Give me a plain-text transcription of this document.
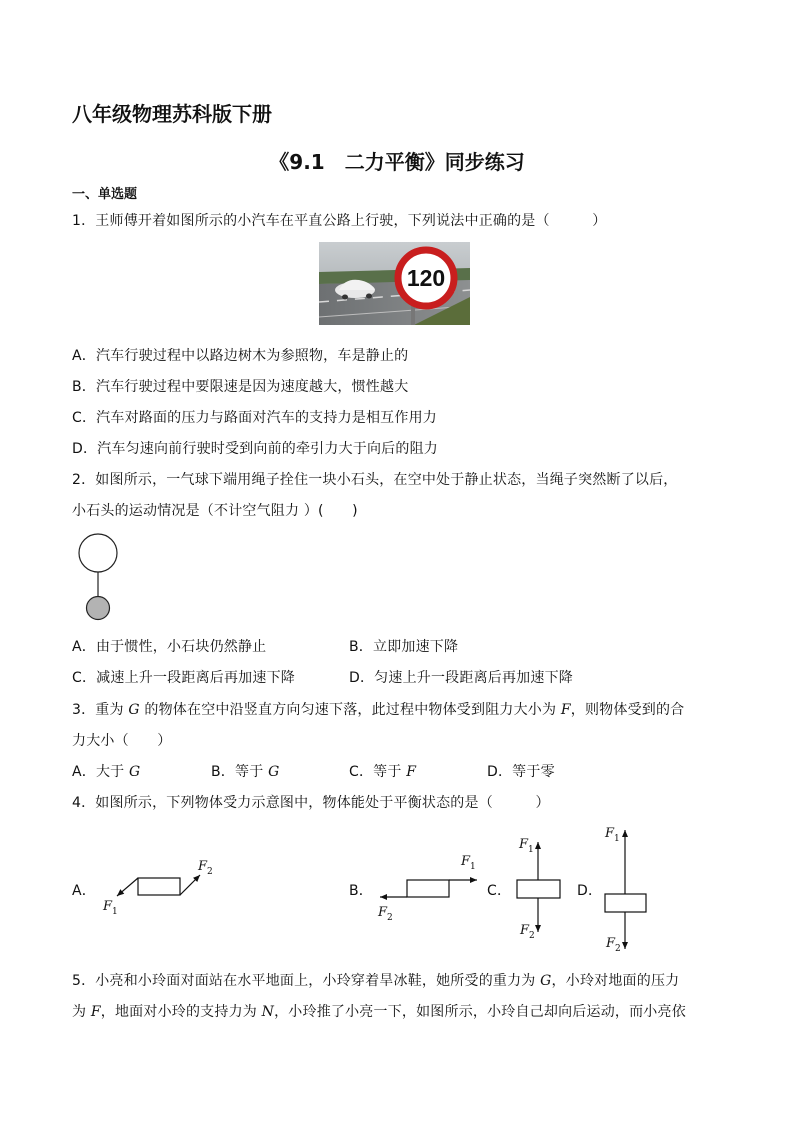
八年级物理苏科版下册
《9.1　二力平衡》同步练习
一、单选题
1．王师傅开着如图所示的小汽车在平直公路上行驶，下列说法中正确的是（　　　）
120
A．汽车行驶过程中以路边树木为参照物，车是静止的
B．汽车行驶过程中要限速是因为速度越大，惯性越大
C．汽车对路面的压力与路面对汽车的支持力是相互作用力
D．汽车匀速向前行驶时受到向前的牵引力大于向后的阻力
2．如图所示，一气球下端用绳子拴住一块小石头，在空中处于静止状态，当绳子突然断了以后，
小石头的运动情况是（不计空气阻力 ）(　　)
A．由于惯性，小石块仍然静止	B．立即加速下降
C．减速上升一段距离后再加速下降	D．匀速上升一段距离后再加速下降
3．重为 G 的物体在空中沿竖直方向匀速下落，此过程中物体受到阻力大小为 F，则物体受到的合
力大小（　　）
A．大于 G	B．等于 G	C．等于 F	D．等于零
4．如图所示，下列物体受力示意图中，物体能处于平衡状态的是（　　　）
A．	B．	C．	D．
$F_2$
$F_1$
$F_1$
$F_2$
$F_1$
$F_2$
$F_1$
$F_2$
5．小亮和小玲面对面站在水平地面上，小玲穿着旱冰鞋，她所受的重力为 G，小玲对地面的压力
为 F，地面对小玲的支持力为 N，小玲推了小亮一下，如图所示，小玲自己却向后运动，而小亮依
